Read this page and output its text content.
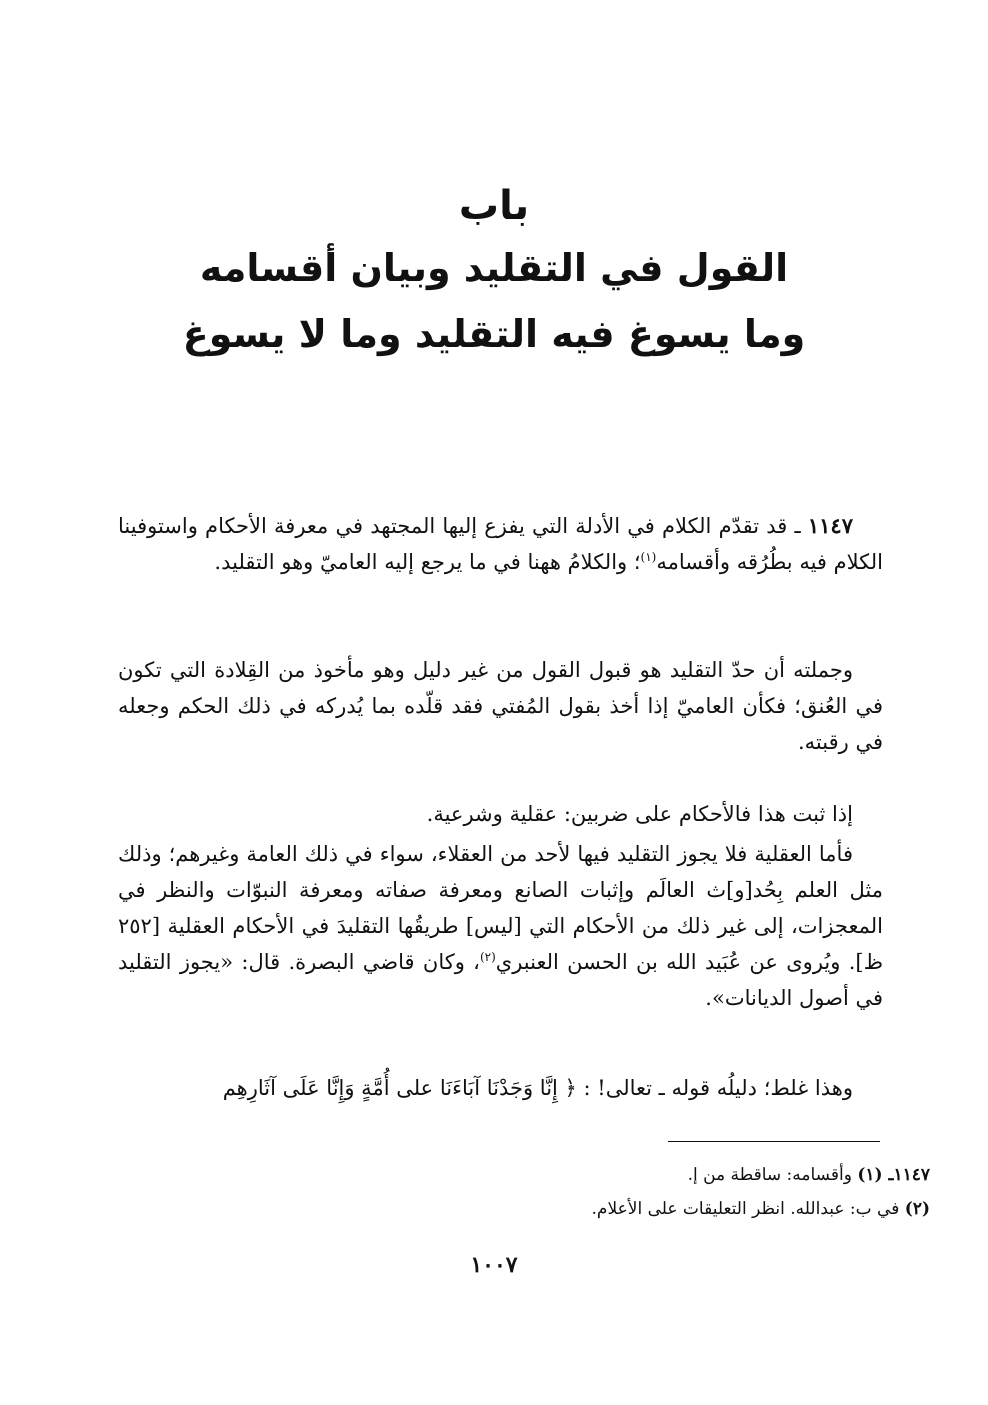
باب
القول في التقليد وبيان أقسامه
وما يسوغ فيه التقليد وما لا يسوغ

١١٤٧ ـ قد تقدّم الكلام في الأدلة التي يفزع إليها المجتهد في معرفة الأحكام واستوفينا الكلام فيه بطُرُقه وأقسامه$^{(١)}$؛ والكلامُ ههنا في ما يرجع إليه العاميّ وهو التقليد.

وجملته أن حدّ التقليد هو قبول القول من غير دليل وهو مأخوذ من القِلادة التي تكون في العُنق؛ فكأن العاميّ إذا أخذ بقول المُفتي فقد قلّده بما يُدركه في ذلك الحكم وجعله في رقبته.

إذا ثبت هذا فالأحكام على ضربين: عقلية وشرعية.

فأما العقلية فلا يجوز التقليد فيها لأحد من العقلاء، سواء في ذلك العامة وغيرهم؛ وذلك مثل العلم بِحُد[و]ث العالَم وإثبات الصانع ومعرفة صفاته ومعرفة النبوّات والنظر في المعجزات، إلى غير ذلك من الأحكام التي [ليس] طريقُها التقليدَ في الأحكام العقلية [٢٥٢ ظ]. ويُروى عن عُبَيد الله بن الحسن العنبري$^{(٢)}$، وكان قاضي البصرة. قال: «يجوز التقليد في أصول الديانات».

وهذا غلط؛ دليلُه قوله ـ تعالى! : ﴿ إِنَّا وَجَدْنَا آبَاءَنَا على أُمَّةٍ وَإِنَّا عَلَى آثَارِهِم

١١٤٧ـ (١) وأقسامه: ساقطة من إ.

(٢) في ب: عبدالله. انظر التعليقات على الأعلام.

١٠٠٧
